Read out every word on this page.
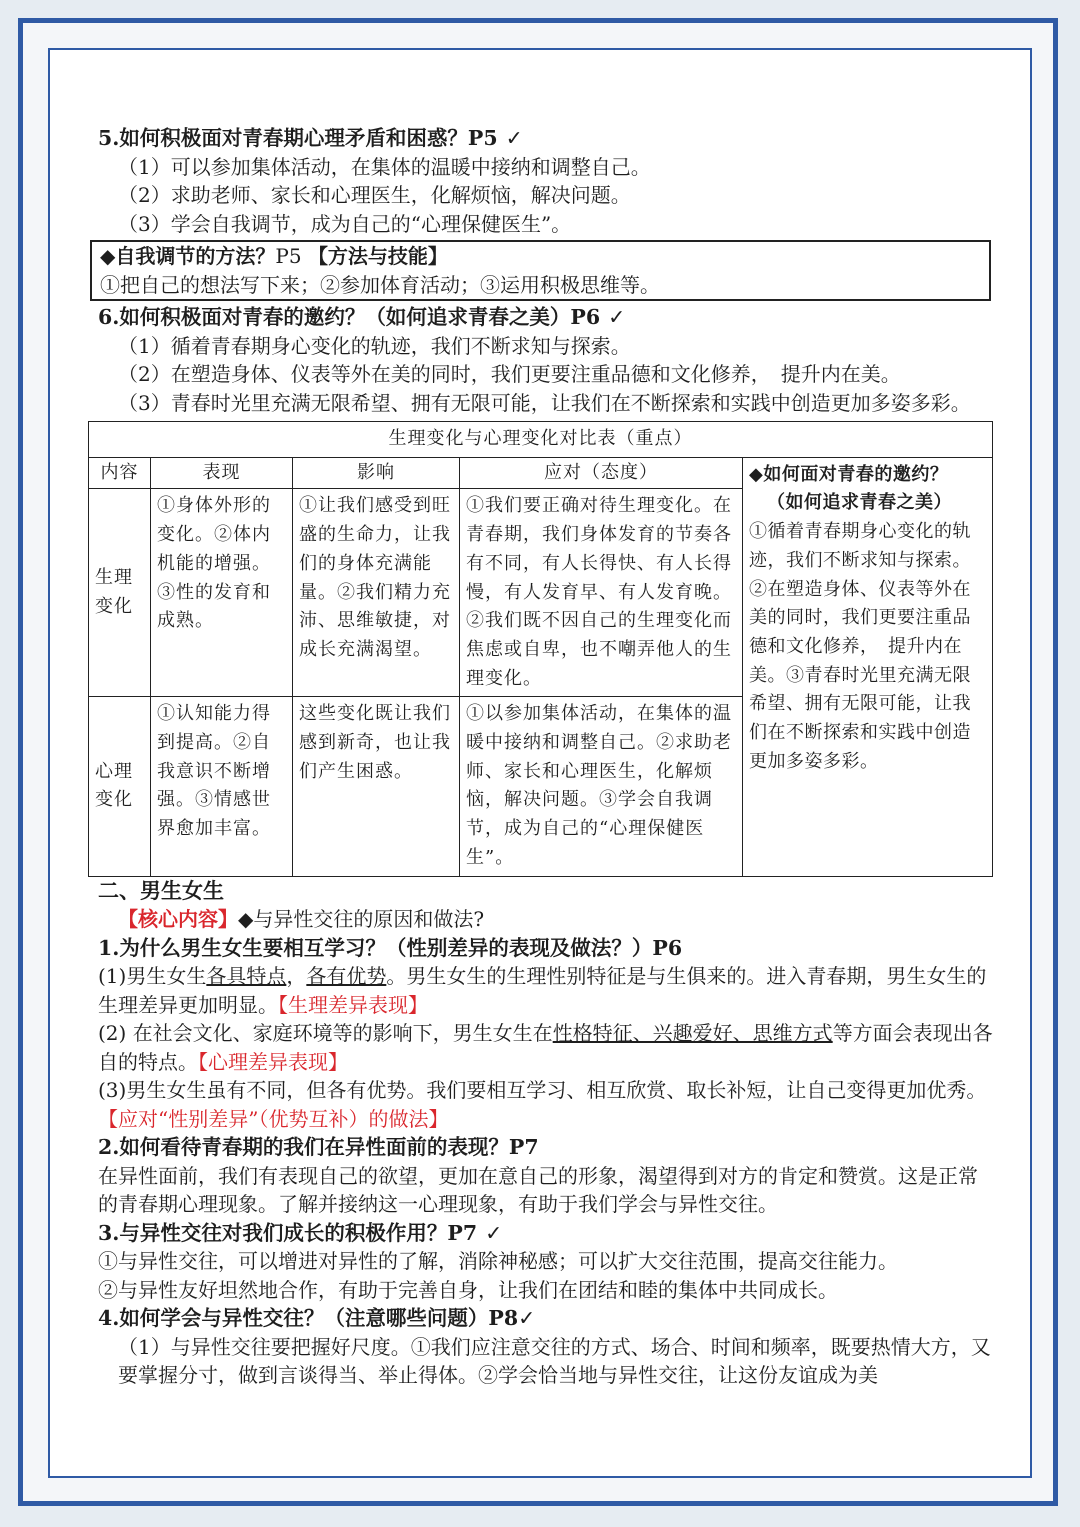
5.如何积极面对青春期心理矛盾和困惑？P5 ✓
（1）可以参加集体活动，在集体的温暖中接纳和调整自己。
（2）求助老师、家长和心理医生，化解烦恼，解决问题。
（3）学会自我调节，成为自己的“心理保健医生”。
◆自我调节的方法？P5 【方法与技能】
①把自己的想法写下来；②参加体育活动；③运用积极思维等。
6.如何积极面对青春的邀约？（如何追求青春之美）P6 ✓
（1）循着青春期身心变化的轨迹，我们不断求知与探索。
（2）在塑造身体、仪表等外在美的同时，我们更要注重品德和文化修养，　提升内在美。
（3）青春时光里充满无限希望、拥有无限可能，让我们在不断探索和实践中创造更加多姿多彩。
生理变化与心理变化对比表（重点）				
内容	表现	影响	应对（态度）	◆如何面对青春的邀约？
（如何追求青春之美）
①循着青春期身心变化的轨迹，我们不断求知与探索。②在塑造身体、仪表等外在美的同时，我们更要注重品德和文化修养，　提升内在美。③青春时光里充满无限希望、拥有无限可能，让我们在不断探索和实践中创造更加多姿多彩。

生理变化	①身体外形的变化。②体内机能的增强。③性的发育和成熟。	①让我们感受到旺盛的生命力，让我们的身体充满能量。②我们精力充沛、思维敏捷，对成长充满渴望。	①我们要正确对待生理变化。在青春期，我们身体发育的节奏各有不同，有人长得快、有人长得慢，有人发育早、有人发育晚。②我们既不因自己的生理变化而焦虑或自卑，也不嘲弄他人的生理变化。	
心理变化	①认知能力得到提高。②自我意识不断增强。③情感世界愈加丰富。	这些变化既让我们感到新奇，也让我们产生困惑。	①以参加集体活动，在集体的温暖中接纳和调整自己。②求助老师、家长和心理医生，化解烦恼，解决问题。③学会自我调节，成为自己的“心理保健医生”。	
二、男生女生
【核心内容】◆与异性交往的原因和做法?
1.为什么男生女生要相互学习？（性别差异的表现及做法？）P6
(1)男生女生各具特点，各有优势。男生女生的生理性别特征是与生俱来的。进入青春期，男生女生的生理差异更加明显。【生理差异表现】
(2) 在社会文化、家庭环境等的影响下，男生女生在性格特征、兴趣爱好、思维方式等方面会表现出各自的特点。【心理差异表现】
(3)男生女生虽有不同，但各有优势。我们要相互学习、相互欣赏、取长补短，让自己变得更加优秀。【应对“性别差异”（优势互补）的做法】
2.如何看待青春期的我们在异性面前的表现？P7
在异性面前，我们有表现自己的欲望，更加在意自己的形象，渴望得到对方的肯定和赞赏。这是正常的青春期心理现象。了解并接纳这一心理现象，有助于我们学会与异性交往。
3.与异性交往对我们成长的积极作用？P7 ✓
①与异性交往，可以增进对异性的了解，消除神秘感；可以扩大交往范围，提高交往能力。
②与异性友好坦然地合作，有助于完善自身，让我们在团结和睦的集体中共同成长。
4.如何学会与异性交往？（注意哪些问题）P8✓
（1）与异性交往要把握好尺度。①我们应注意交往的方式、场合、时间和频率，既要热情大方，又要掌握分寸，做到言谈得当、举止得体。②学会恰当地与异性交往，让这份友谊成为美
